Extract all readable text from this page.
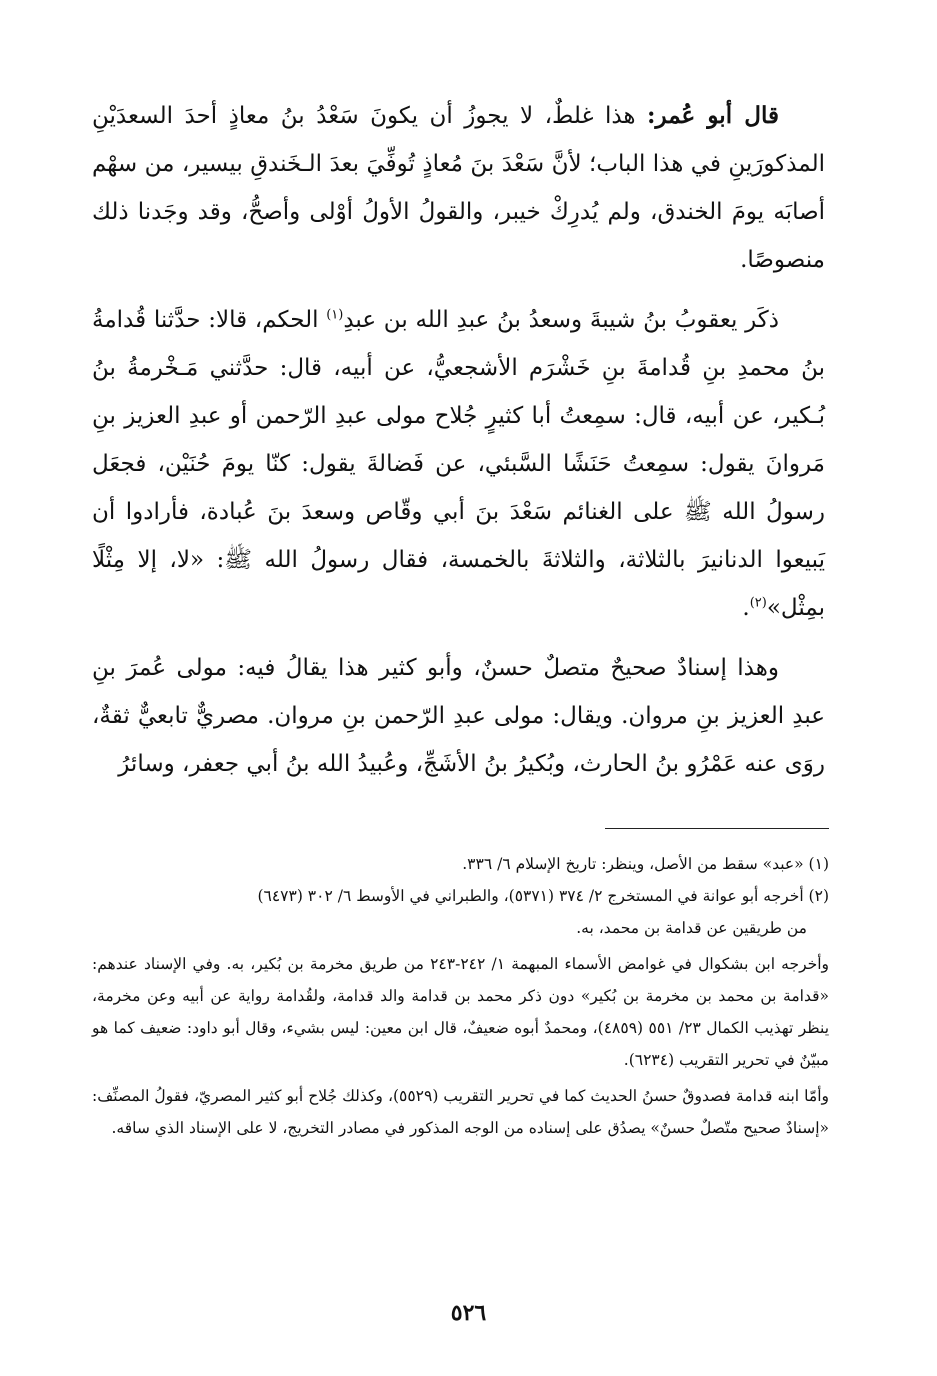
قال أبو عُمر: هذا غلطٌ، لا يجوزُ أن يكونَ سَعْدُ بنُ معاذٍ أحدَ السعدَيْنِ المذكورَينِ في هذا الباب؛ لأنَّ سَعْدَ بنَ مُعاذٍ تُوفِّيَ بعدَ الـخَندقِ بيسير، من سهْم أصابَه يومَ الخندق، ولم يُدرِكْ خيبر، والقولُ الأولُ أوْلى وأصحُّ، وقد وجَدنا ذلك منصوصًا.

ذكَر يعقوبُ بنُ شيبةَ وسعدُ بنُ عبدِ الله بن عبدِ$^{(١)}$ الحكم، قالا: حدَّثنا قُدامةُ بنُ محمدِ بنِ قُدامةَ بنِ خَشْرَم الأشجعيُّ، عن أبيه، قال: حدَّثني مَـخْرمةُ بنُ بُـكير، عن أبيه، قال: سمِعتُ أبا كثيرٍ جُلاح مولى عبدِ الرّحمن أو عبدِ العزيز بنِ مَروانَ يقول: سمِعتُ حَنَشًا السَّبئي، عن فَضالةَ يقول: كنّا يومَ حُنَيْن، فجعَل رسولُ الله ﷺ على الغنائم سَعْدَ بنَ أبي وقّاص وسعدَ بنَ عُبادة، فأرادوا أن يَبيعوا الدنانيرَ بالثلاثة، والثلاثةَ بالخمسة، فقال رسولُ الله ﷺ: «لا، إلا مِثْلًا بمِثْل»$^{(٢)}$.

وهذا إسنادٌ صحيحٌ متصلٌ حسنٌ، وأبو كثير هذا يقالُ فيه: مولى عُمرَ بنِ عبدِ العزيز بنِ مروان. ويقال: مولى عبدِ الرّحمن بنِ مروان. مصريٌّ تابعيٌّ ثقةٌ، روَى عنه عَمْرُو بنُ الحارث، وبُكيرُ بنُ الأشَجِّ، وعُبيدُ الله بنُ أبي جعفر، وسائرُ

(١) «عبد» سقط من الأصل، وينظر: تاريخ الإسلام ٦/ ٣٣٦.

(٢) أخرجه أبو عوانة في المستخرج ٢/ ٣٧٤ (٥٣٧١)، والطبراني في الأوسط ٦/ ٣٠٢ (٦٤٧٣)

من طريقين عن قدامة بن محمد، به.

وأخرجه ابن بشكوال في غوامض الأسماء المبهمة ١/ ٢٤٢-٢٤٣ من طريق مخرمة بن بُكير، به. وفي الإسناد عندهم: «قدامة بن محمد بن مخرمة بن بُكير» دون ذكر محمد بن قدامة والد قدامة، ولقُدامة رواية عن أبيه وعن مخرمة، ينظر تهذيب الكمال ٢٣/ ٥٥١ (٤٨٥٩)، ومحمدٌ أبوه ضعيفٌ، قال ابن معين: ليس بشيء، وقال أبو داود: ضعيف كما هو مبيّنٌ في تحرير التقريب (٦٢٣٤).

وأمّا ابنه قدامة فصدوقٌ حسنُ الحديث كما في تحرير التقريب (٥٥٢٩)، وكذلك جُلاح أبو كثير المصريّ، فقولُ المصنِّف: «إسنادٌ صحيح متّصلٌ حسنٌ» يصدُق على إسناده من الوجه المذكور في مصادر التخريج، لا على الإسناد الذي ساقه.

٥٢٦
